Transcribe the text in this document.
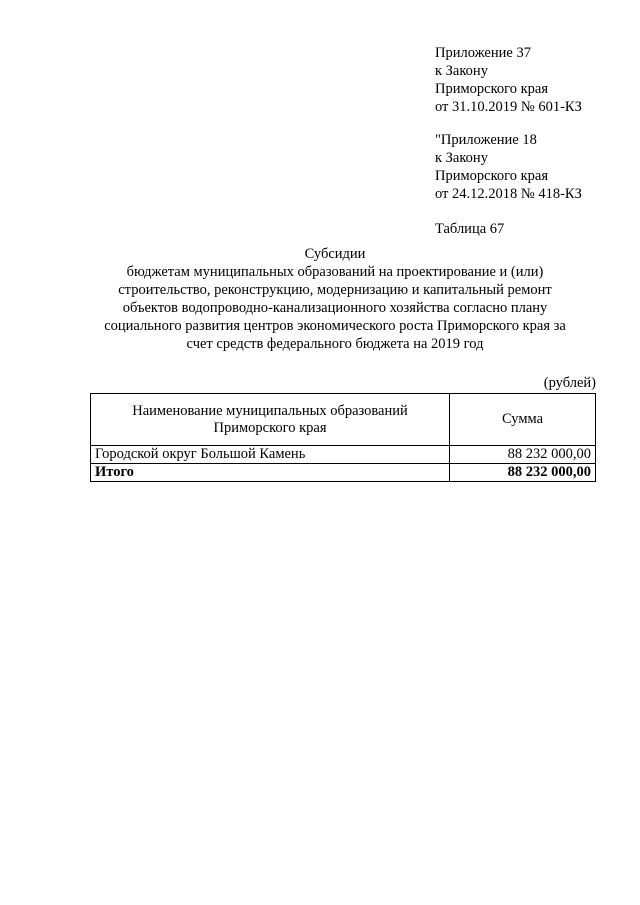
Приложение 37
к Закону
Приморского края
от 31.10.2019 № 601-КЗ
"Приложение 18
к Закону
Приморского края
от 24.12.2018 № 418-КЗ
Таблица 67
Субсидии
бюджетам муниципальных образований на проектирование и (или)
строительство, реконструкцию, модернизацию и капитальный ремонт
объектов водопроводно-канализационного хозяйства согласно плану
социального развития центров экономического роста Приморского края за
счет средств федерального бюджета на 2019 год
(рублей)
Наименование муниципальных образований Приморского края	Сумма
Городской округ Большой Камень	88 232 000,00
Итого	88 232 000,00
